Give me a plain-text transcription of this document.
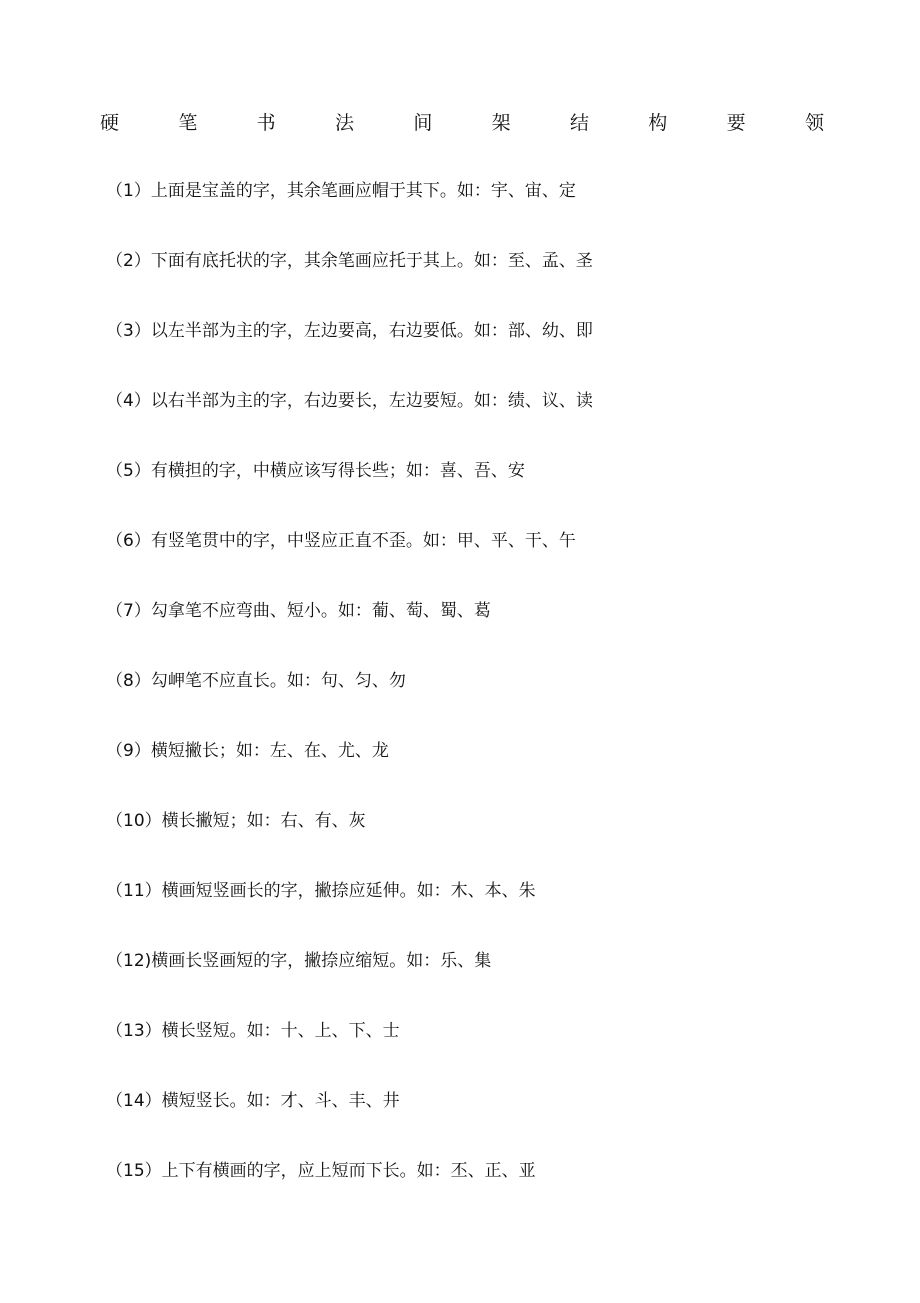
硬	笔	书	法	间	架	结	构	要	领
（1）上面是宝盖的字，其余笔画应帽于其下。如：宇、宙、定
（2）下面有底托状的字，其余笔画应托于其上。如：至、孟、圣
（3）以左半部为主的字，左边要高，右边要低。如：部、幼、即
（4）以右半部为主的字，右边要长，左边要短。如：绩、议、读
（5）有横担的字，中横应该写得长些；如：喜、吾、安
（6）有竖笔贯中的字，中竖应正直不歪。如：甲、平、干、午
（7）勾拿笔不应弯曲、短小。如：葡、萄、蜀、葛
（8）勾岬笔不应直长。如：句、匀、勿
（9）横短撇长；如：左、在、尤、龙
（10）横长撇短；如：右、有、灰
（11）横画短竖画长的字，撇捺应延伸。如：木、本、朱
（12)横画长竖画短的字，撇捺应缩短。如：乐、集
（13）横长竖短。如：十、上、下、士
（14）横短竖长。如：才、斗、丰、井
（15）上下有横画的字，应上短而下长。如：丕、正、亚
